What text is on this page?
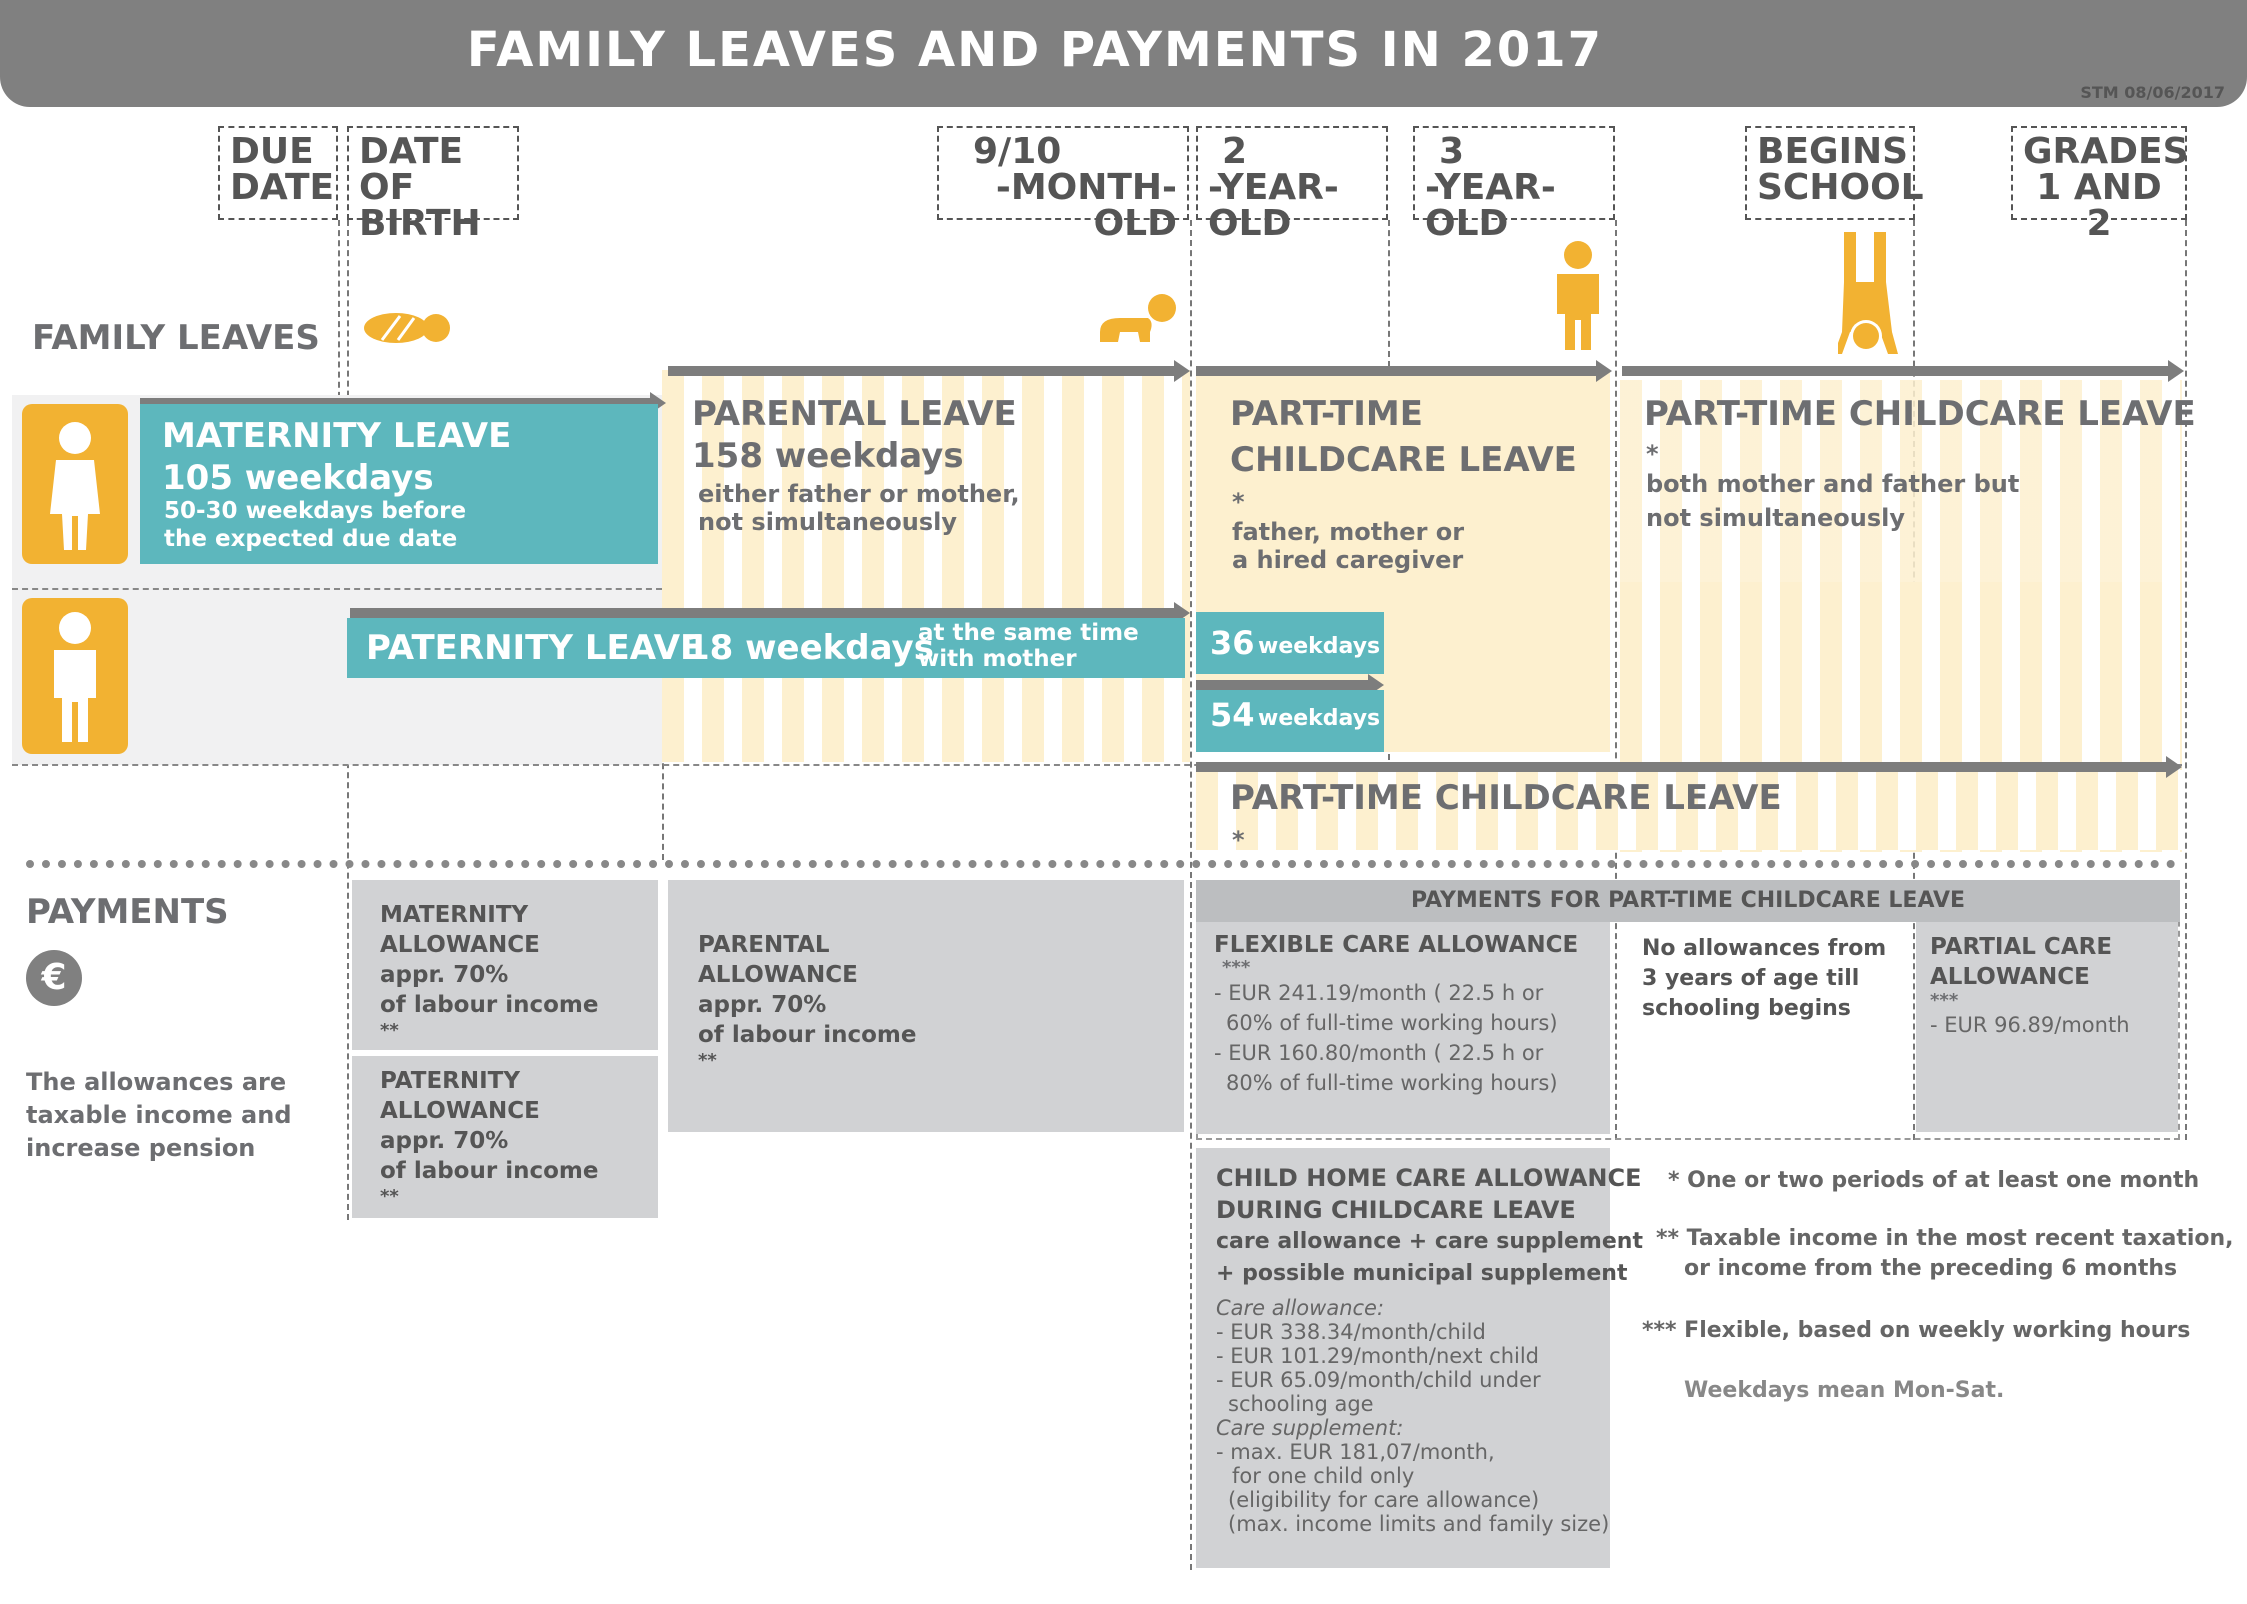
FAMILY LEAVES AND PAYMENTS IN 2017
STM 08/06/2017
DUE
DATE
DATE OF
BIRTH
9/10
-MONTH-OLD
2
-YEAR-OLD
3
-YEAR-OLD
BEGINS
SCHOOL
GRADES
1 AND 2
FAMILY LEAVES
MATERNITY LEAVE
105 weekdays
50-30 weekdays before
the expected due date
PARENTAL LEAVE
158 weekdays
either father or mother,
not simultaneously
PART-TIME
CHILDCARE LEAVE
*
father, mother or
a hired caregiver
PART-TIME CHILDCARE LEAVE
*
both mother and father but
not simultaneously
PATERNITY LEAVE
18 weekdays
at the same time
with mother	36 weekdays
54 weekdays
PART-TIME CHILDCARE LEAVE
*
PAYMENTS
€
The allowances are
taxable income and
increase pension
MATERNITY
ALLOWANCE
appr. 70%
of labour income
**
PATERNITY
ALLOWANCE
appr. 70%
of labour income
**
PARENTAL
ALLOWANCE
appr. 70%
of labour income
**
PAYMENTS FOR PART-TIME CHILDCARE LEAVE
FLEXIBLE CARE ALLOWANCE
***
- EUR 241.19/month ( 22.5 h or
60% of full-time working hours)
- EUR 160.80/month ( 22.5 h or
80% of full-time working hours)
No allowances from
3 years of age till
schooling begins
PARTIAL CARE
ALLOWANCE
***
- EUR 96.89/month
CHILD HOME CARE ALLOWANCE
DURING CHILDCARE LEAVE
care allowance + care supplement
+ possible municipal supplement
Care allowance:
- EUR 338.34/month/child
- EUR 101.29/month/next child
- EUR 65.09/month/child under
schooling age
Care supplement:
- max. EUR 181,07/month,
for one child only
(eligibility for care allowance)
(max. income limits and family size)
* One or two periods of at least one month
** Taxable income in the most recent taxation,
or income from the preceding 6 months
*** Flexible, based on weekly working hours
Weekdays mean Mon-Sat.
